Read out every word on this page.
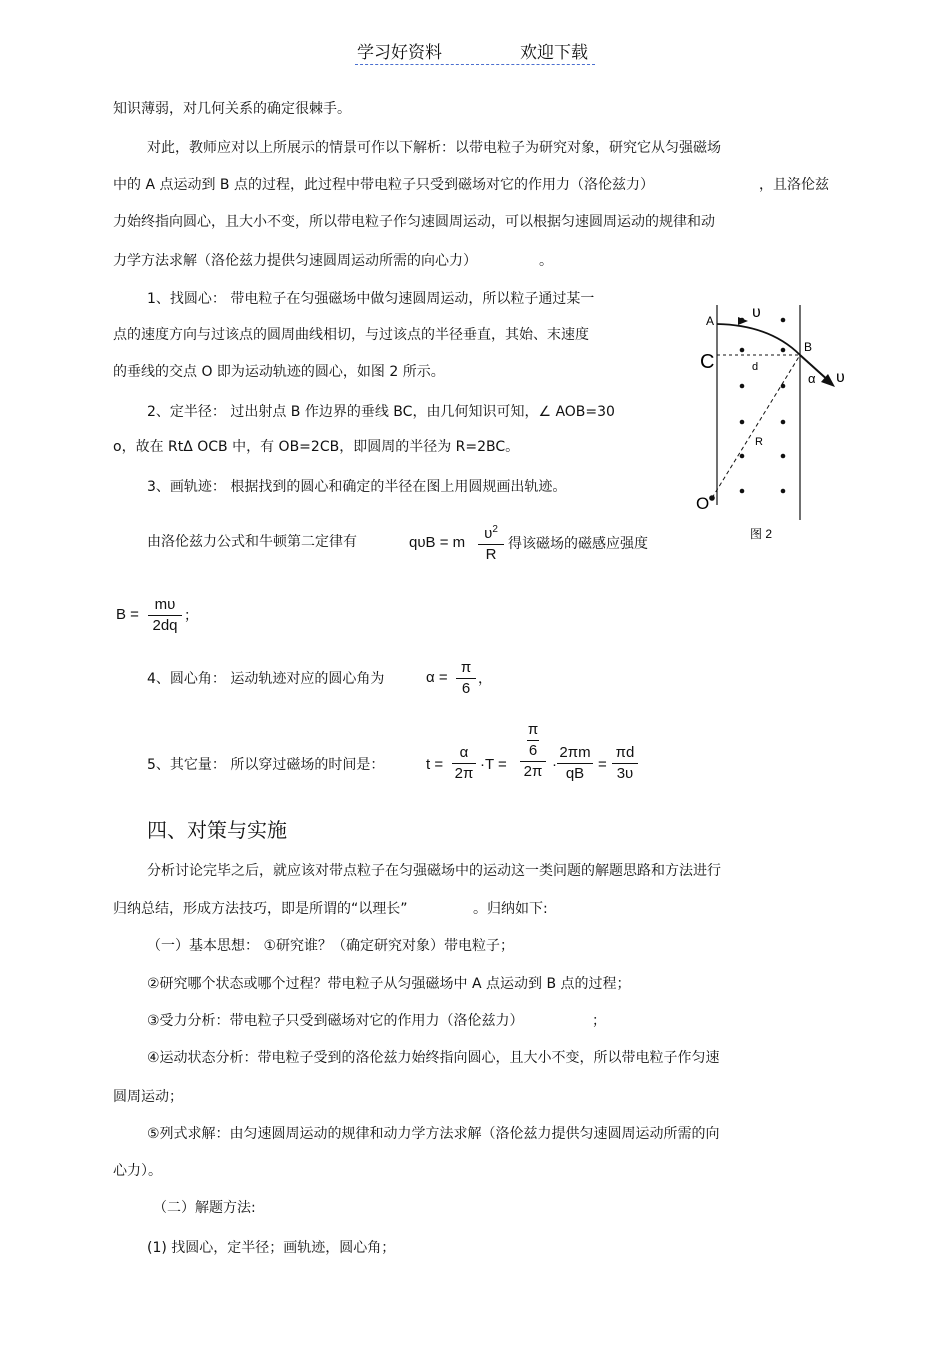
学习好资料	欢迎下载
知识薄弱，对几何关系的确定很棘手。
对此，教师应对以上所展示的情景可作以下解析：以带电粒子为研究对象，研究它从匀强磁场
中的 A 点运动到 B 点的过程，此过程中带电粒子只受到磁场对它的作用力（洛伦兹力）	，且洛伦兹
力始终指向圆心，且大小不变，所以带电粒子作匀速圆周运动，可以根据匀速圆周运动的规律和动
力学方法求解（洛伦兹力提供匀速圆周运动所需的向心力）	。
1、找圆心： 带电粒子在匀强磁场中做匀速圆周运动，所以粒子通过某一
点的速度方向与过该点的圆周曲线相切，与过该点的半径垂直，其始、末速度
的垂线的交点 O 即为运动轨迹的圆心，如图 2 所示。
2、定半径： 过出射点 B 作边界的垂线 BC，由几何知识可知，∠ AOB=30
o，故在 RtΔ OCB 中，有 OB=2CB，即圆周的半径为 R=2BC。
3、画轨迹： 根据找到的圆心和确定的半径在图上用圆规画出轨迹。
由洛伦兹力公式和牛顿第二定律有	qυB = m
$\upsilon^2$
R
得该磁场的磁感应强度
B =
mυ
2dq
；
4、圆心角： 运动轨迹对应的圆心角为	α =
π
6
，
5、其它量： 所以穿过磁场的时间是：	t =
α
2π
·T =
π
6
2π ·
2πm
qB
=
πd
3υ
A
B
C
O
d
R
α
υ
υ
图 2
四、对策与实施
分析讨论完毕之后，就应该对带点粒子在匀强磁场中的运动这一类问题的解题思路和方法进行
归纳总结，形成方法技巧，即是所谓的“以理长”	。归纳如下:
（一）基本思想： ①研究谁？（确定研究对象）带电粒子；
②研究哪个状态或哪个过程？带电粒子从匀强磁场中 A 点运动到 B 点的过程；
③受力分析：带电粒子只受到磁场对它的作用力（洛伦兹力）	；
④运动状态分析：带电粒子受到的洛伦兹力始终指向圆心，且大小不变，所以带电粒子作匀速
圆周运动；
⑤列式求解：由匀速圆周运动的规律和动力学方法求解（洛伦兹力提供匀速圆周运动所需的向
心力）。
（二）解题方法:
(1) 找圆心，定半径；画轨迹，圆心角；
